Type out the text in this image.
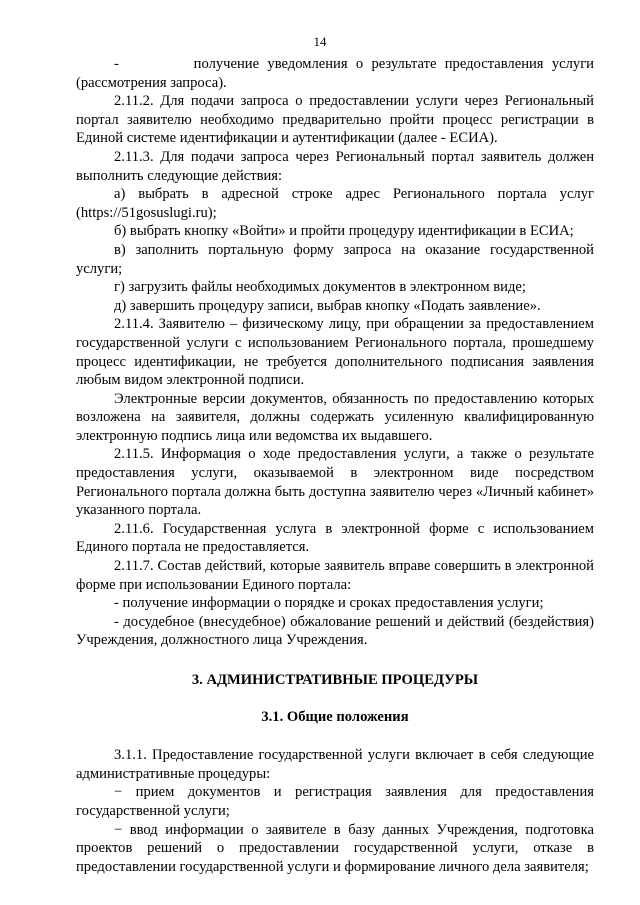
14

-         получение уведомления о результате предоставления услуги (рассмотрения запроса).

2.11.2. Для подачи запроса о предоставлении услуги через Региональный портал заявителю необходимо предварительно пройти процесс регистрации в Единой системе идентификации и аутентификации (далее - ЕСИА).

2.11.3. Для подачи запроса через Региональный портал заявитель должен выполнить следующие действия:

а) выбрать в адресной строке адрес Регионального портала услуг (https://51gosuslugi.ru);

б) выбрать кнопку «Войти» и пройти процедуру идентификации в ЕСИА;

в) заполнить портальную форму запроса на оказание государственной услуги;

г) загрузить файлы необходимых документов в электронном виде;

д) завершить процедуру записи, выбрав кнопку «Подать заявление».

2.11.4. Заявителю – физическому лицу, при обращении за предоставлением государственной услуги с использованием Регионального портала, прошедшему процесс идентификации, не требуется дополнительного подписания заявления любым видом электронной подписи.

Электронные версии документов, обязанность по предоставлению которых возложена на заявителя, должны содержать усиленную квалифицированную электронную подпись лица или ведомства их выдавшего.

2.11.5. Информация о ходе предоставления услуги, а также о результате предоставления услуги, оказываемой в электронном виде посредством Регионального портала должна быть доступна заявителю через «Личный кабинет» указанного портала.

2.11.6. Государственная услуга в электронной форме с использованием Единого портала не предоставляется.

2.11.7. Состав действий, которые заявитель вправе совершить в электронной форме при использовании Единого портала:

- получение информации о порядке и сроках предоставления услуги;

- досудебное (внесудебное) обжалование решений и действий (бездействия) Учреждения, должностного лица Учреждения.

3. АДМИНИСТРАТИВНЫЕ ПРОЦЕДУРЫ
3.1. Общие положения

3.1.1. Предоставление государственной услуги включает в себя следующие административные процедуры:

− прием документов и регистрация заявления для предоставления государственной услуги;

− ввод информации о заявителе в базу данных Учреждения, подготовка проектов решений о предоставлении государственной услуги, отказе в предоставлении государственной услуги и формирование личного дела заявителя;
